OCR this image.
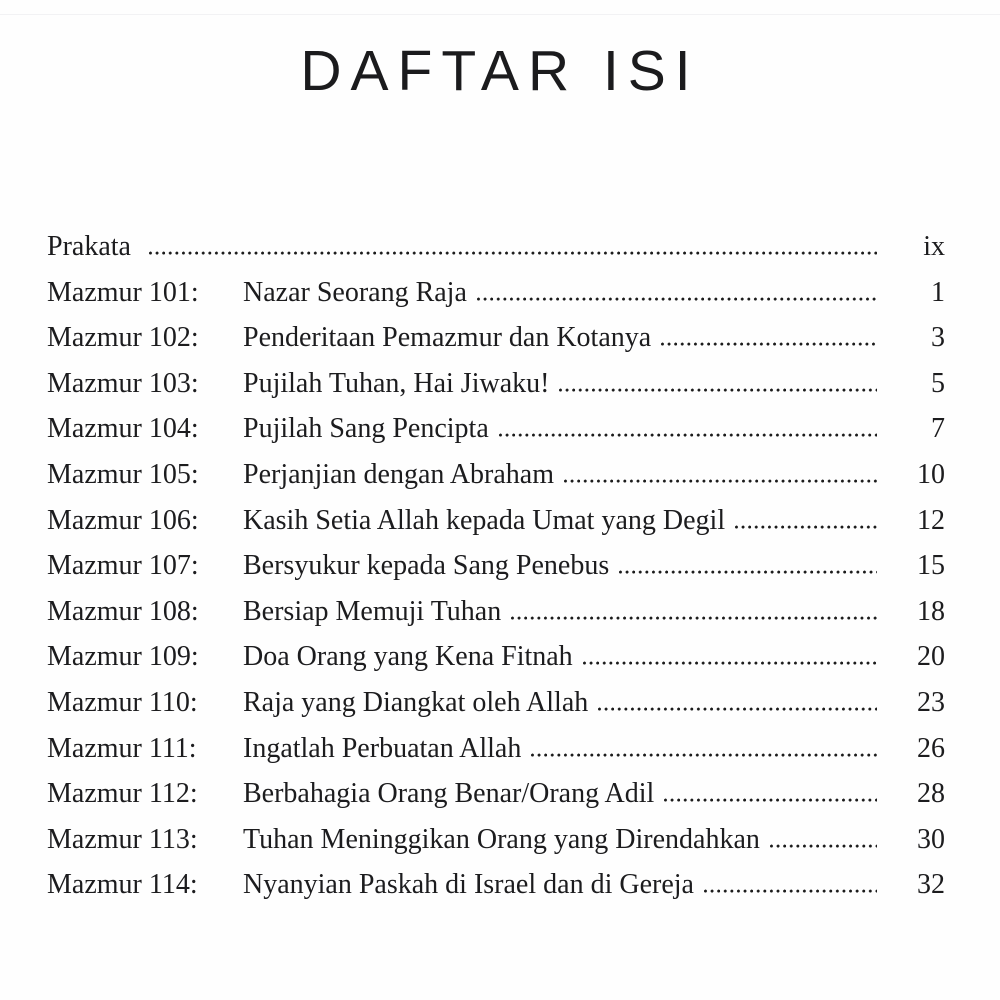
DAFTAR ISI
Prakata	ix
Mazmur 101:	Nazar Seorang Raja	1
Mazmur 102:	Penderitaan Pemazmur dan Kotanya	3
Mazmur 103:	Pujilah Tuhan, Hai Jiwaku!	5
Mazmur 104:	Pujilah Sang Pencipta	7
Mazmur 105:	Perjanjian dengan Abraham	10
Mazmur 106:	Kasih Setia Allah kepada Umat yang Degil	12
Mazmur 107:	Bersyukur kepada Sang Penebus	15
Mazmur 108:	Bersiap Memuji Tuhan	18
Mazmur 109:	Doa Orang yang Kena Fitnah	20
Mazmur 110:	Raja yang Diangkat oleh Allah	23
Mazmur 111:	Ingatlah Perbuatan Allah	26
Mazmur 112:	Berbahagia Orang Benar/Orang Adil	28
Mazmur 113:	Tuhan Meninggikan Orang yang Direndahkan	30
Mazmur 114:	Nyanyian Paskah di Israel dan di Gereja	32
